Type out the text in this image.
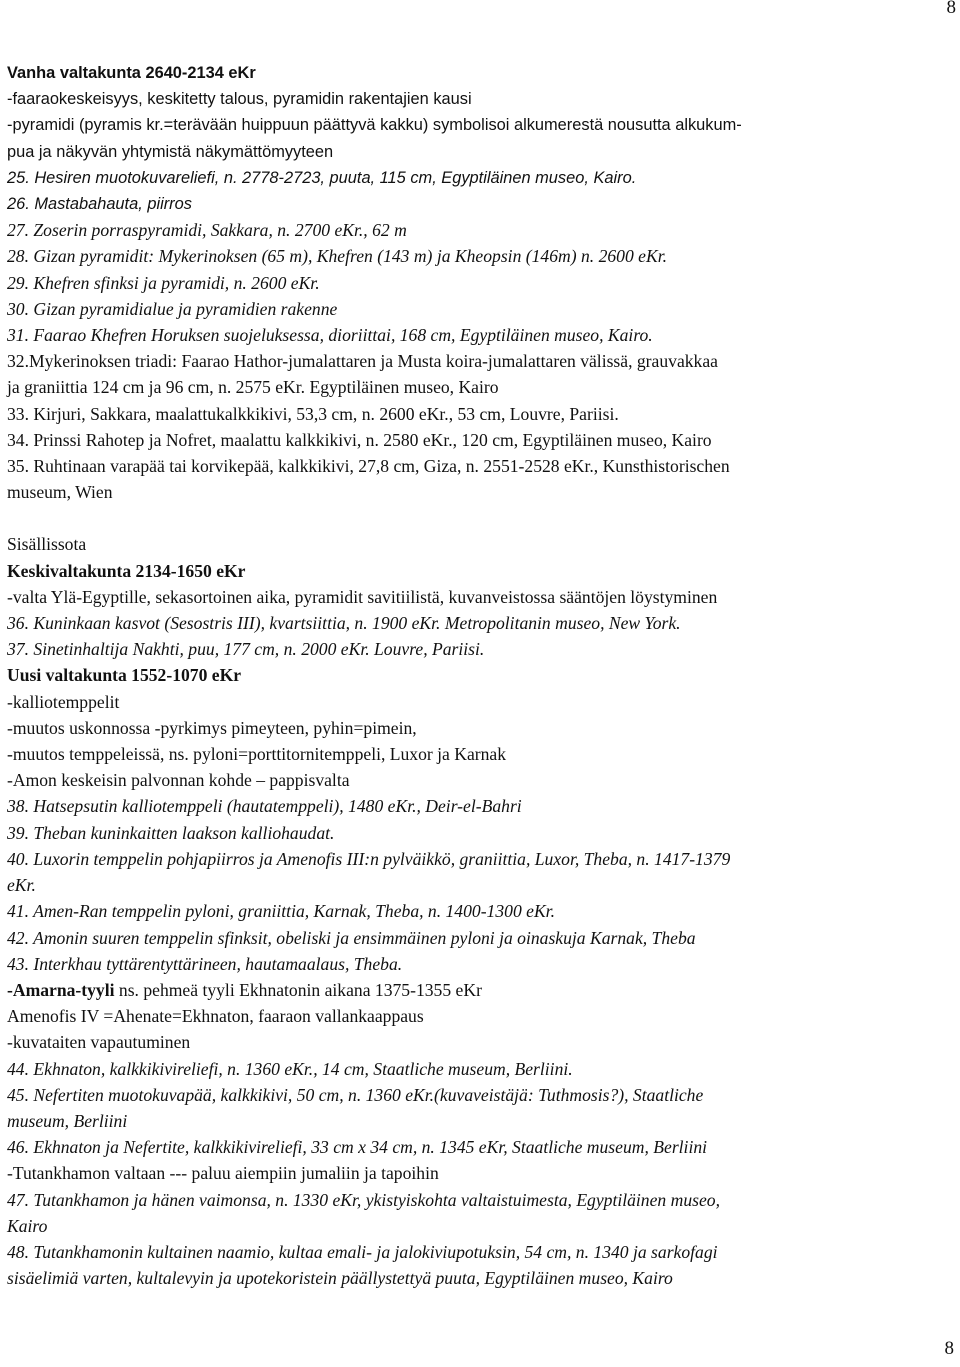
8

Vanha valtakunta 2640-2134 eKr

-faaraokeskeisyys, keskitetty talous, pyramidin rakentajien kausi

-pyramidi (pyramis kr.=terävään huippuun päättyvä kakku) symbolisoi alkumerestä nousutta alkukum-

pua ja näkyvän yhtymistä näkymättömyyteen

25. Hesiren muotokuvareliefi, n. 2778-2723, puuta, 115 cm, Egyptiläinen museo, Kairo.

26. Mastabahauta, piirros

27. Zoserin porraspyramidi, Sakkara, n. 2700 eKr., 62 m

28. Gizan pyramidit: Mykerinoksen (65 m), Khefren (143 m) ja Kheopsin (146m) n. 2600 eKr.

29. Khefren sfinksi ja pyramidi, n. 2600 eKr.

30. Gizan pyramidialue ja pyramidien rakenne

31. Faarao Khefren Horuksen suojeluksessa, dioriittai, 168 cm, Egyptiläinen museo, Kairo.

32.Mykerinoksen triadi: Faarao Hathor-jumalattaren ja Musta koira-jumalattaren välissä, grauvakkaa

ja graniittia 124 cm ja 96 cm, n. 2575 eKr. Egyptiläinen museo, Kairo

33. Kirjuri, Sakkara, maalattukalkkikivi, 53,3 cm, n. 2600 eKr., 53 cm, Louvre, Pariisi.

34. Prinssi Rahotep ja Nofret, maalattu kalkkikivi, n. 2580 eKr., 120 cm, Egyptiläinen museo, Kairo

35. Ruhtinaan varapää tai korvikepää, kalkkikivi, 27,8 cm, Giza, n. 2551-2528 eKr., Kunsthistorischen

museum, Wien

Sisällissota

Keskivaltakunta 2134-1650 eKr

-valta Ylä-Egyptille, sekasortoinen aika, pyramidit savitiilistä, kuvanveistossa sääntöjen löystyminen

36. Kuninkaan kasvot (Sesostris III), kvartsiittia, n. 1900 eKr. Metropolitanin museo, New York.

37. Sinetinhaltija Nakhti, puu, 177 cm, n. 2000 eKr. Louvre, Pariisi.

Uusi valtakunta 1552-1070 eKr

-kalliotemppelit

-muutos uskonnossa -pyrkimys pimeyteen, pyhin=pimein,

-muutos temppeleissä, ns. pyloni=porttitornitemppeli, Luxor ja Karnak

-Amon keskeisin palvonnan kohde – pappisvalta

38. Hatsepsutin kalliotemppeli (hautatemppeli), 1480 eKr., Deir-el-Bahri

39. Theban kuninkaitten laakson kalliohaudat.

40. Luxorin temppelin pohjapiirros ja Amenofis III:n pylväikkö, graniittia, Luxor, Theba, n. 1417-1379

eKr.

41. Amen-Ran temppelin pyloni, graniittia, Karnak, Theba, n. 1400-1300 eKr.

42. Amonin suuren temppelin sfinksit, obeliski ja ensimmäinen pyloni ja oinaskuja Karnak, Theba

43. Interkhau tyttärentyttärineen, hautamaalaus, Theba.

-Amarna-tyyli ns. pehmeä tyyli Ekhnatonin aikana 1375-1355 eKr

Amenofis IV =Ahenate=Ekhnaton, faaraon vallankaappaus

-kuvataiten vapautuminen

44. Ekhnaton, kalkkikivireliefi, n. 1360 eKr., 14 cm, Staatliche museum, Berliini.

45. Nefertiten muotokuvapää, kalkkikivi, 50 cm, n. 1360 eKr.(kuvaveistäjä: Tuthmosis?), Staatliche

museum, Berliini

46. Ekhnaton ja Nefertite, kalkkikivireliefi, 33 cm x 34 cm, n. 1345 eKr, Staatliche museum, Berliini

-Tutankhamon valtaan --- paluu aiempiin jumaliin ja tapoihin

47. Tutankhamon ja hänen vaimonsa, n. 1330 eKr, ykistyiskohta valtaistuimesta, Egyptiläinen museo,

Kairo

48. Tutankhamonin kultainen naamio, kultaa emali- ja jalokiviupotuksin, 54 cm, n. 1340 ja sarkofagi

sisäelimiä varten, kultalevyin ja upotekoristein päällystettyä puuta, Egyptiläinen museo, Kairo

8
